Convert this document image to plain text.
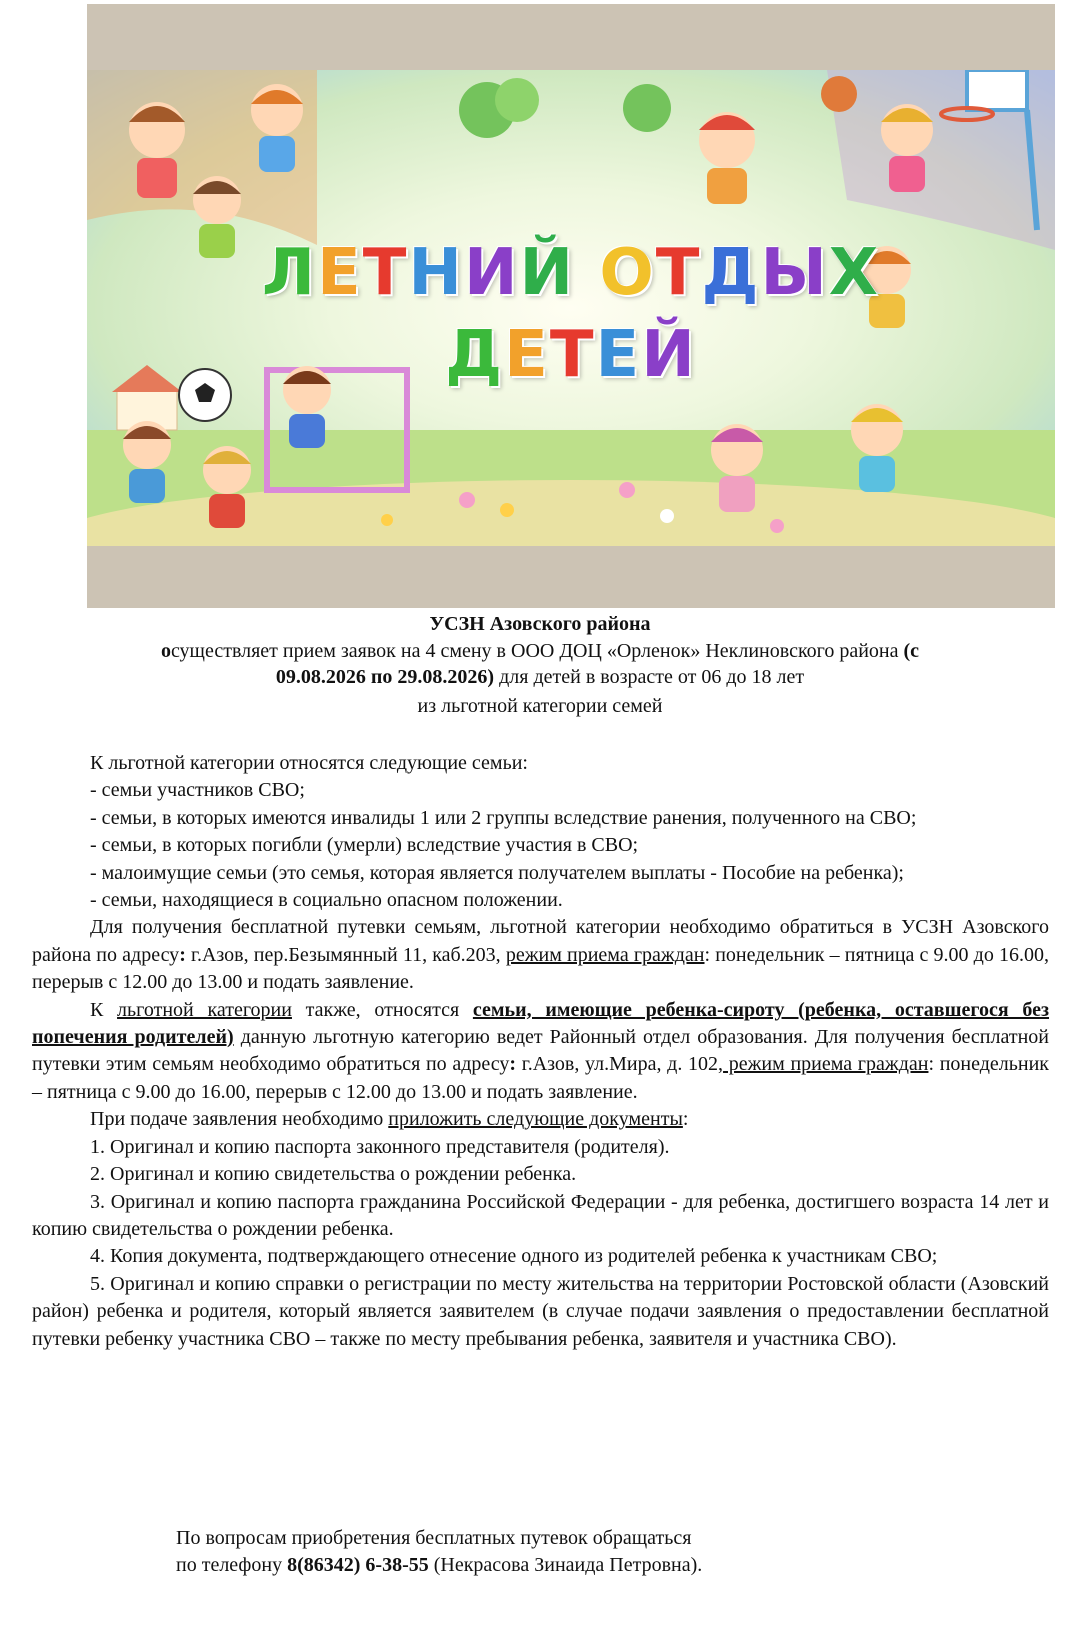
ЛЕТНИЙ ОТДЫХ
ДЕТЕЙ
УСЗН Азовского района
осуществляет прием заявок на 4 смену в ООО ДОЦ «Орленок» Неклиновского района (с
09.08.2026 по 29.08.2026) для детей в возрасте от 06 до 18 лет
из льготной категории семей

К льготной категории относятся следующие семьи:

- семьи участников СВО;

- семьи, в которых имеются инвалиды 1 или 2 группы вследствие ранения, полученного на СВО;

- семьи, в которых погибли (умерли) вследствие участия в СВО;

- малоимущие семьи (это семья, которая является получателем выплаты - Пособие на ребенка);

- семьи, находящиеся в социально опасном положении.

Для получения бесплатной путевки семьям, льготной категории необходимо обратиться в УСЗН Азовского района по адресу: г.Азов, пер.Безымянный 11, каб.203, режим приема граждан: понедельник – пятница с 9.00 до 16.00, перерыв с 12.00 до 13.00 и подать заявление.

К льготной категории также, относятся семьи, имеющие ребенка-сироту (ребенка, оставшегося без попечения родителей) данную льготную категорию ведет Районный отдел образования. Для получения бесплатной путевки этим семьям необходимо обратиться по адресу: г.Азов, ул.Мира, д. 102, режим приема граждан: понедельник – пятница с 9.00 до 16.00, перерыв с 12.00 до 13.00 и подать заявление.

При подаче заявления необходимо приложить следующие документы:

1. Оригинал и копию паспорта законного представителя (родителя).

2. Оригинал и копию свидетельства о рождении ребенка.

3. Оригинал и копию паспорта гражданина Российской Федерации - для ребенка, достигшего возраста 14 лет и копию свидетельства о рождении ребенка.

4. Копия документа, подтверждающего отнесение одного из родителей ребенка к участникам СВО;

5. Оригинал и копию справки о регистрации по месту жительства на территории Ростовской области (Азовский район) ребенка и родителя, который является заявителем (в случае подачи заявления о предоставлении бесплатной путевки ребенку участника СВО – также по месту пребывания ребенка, заявителя и участника СВО).

По вопросам приобретения бесплатных путевок обращаться
по телефону 8(86342) 6-38-55 (Некрасова Зинаида Петровна).
